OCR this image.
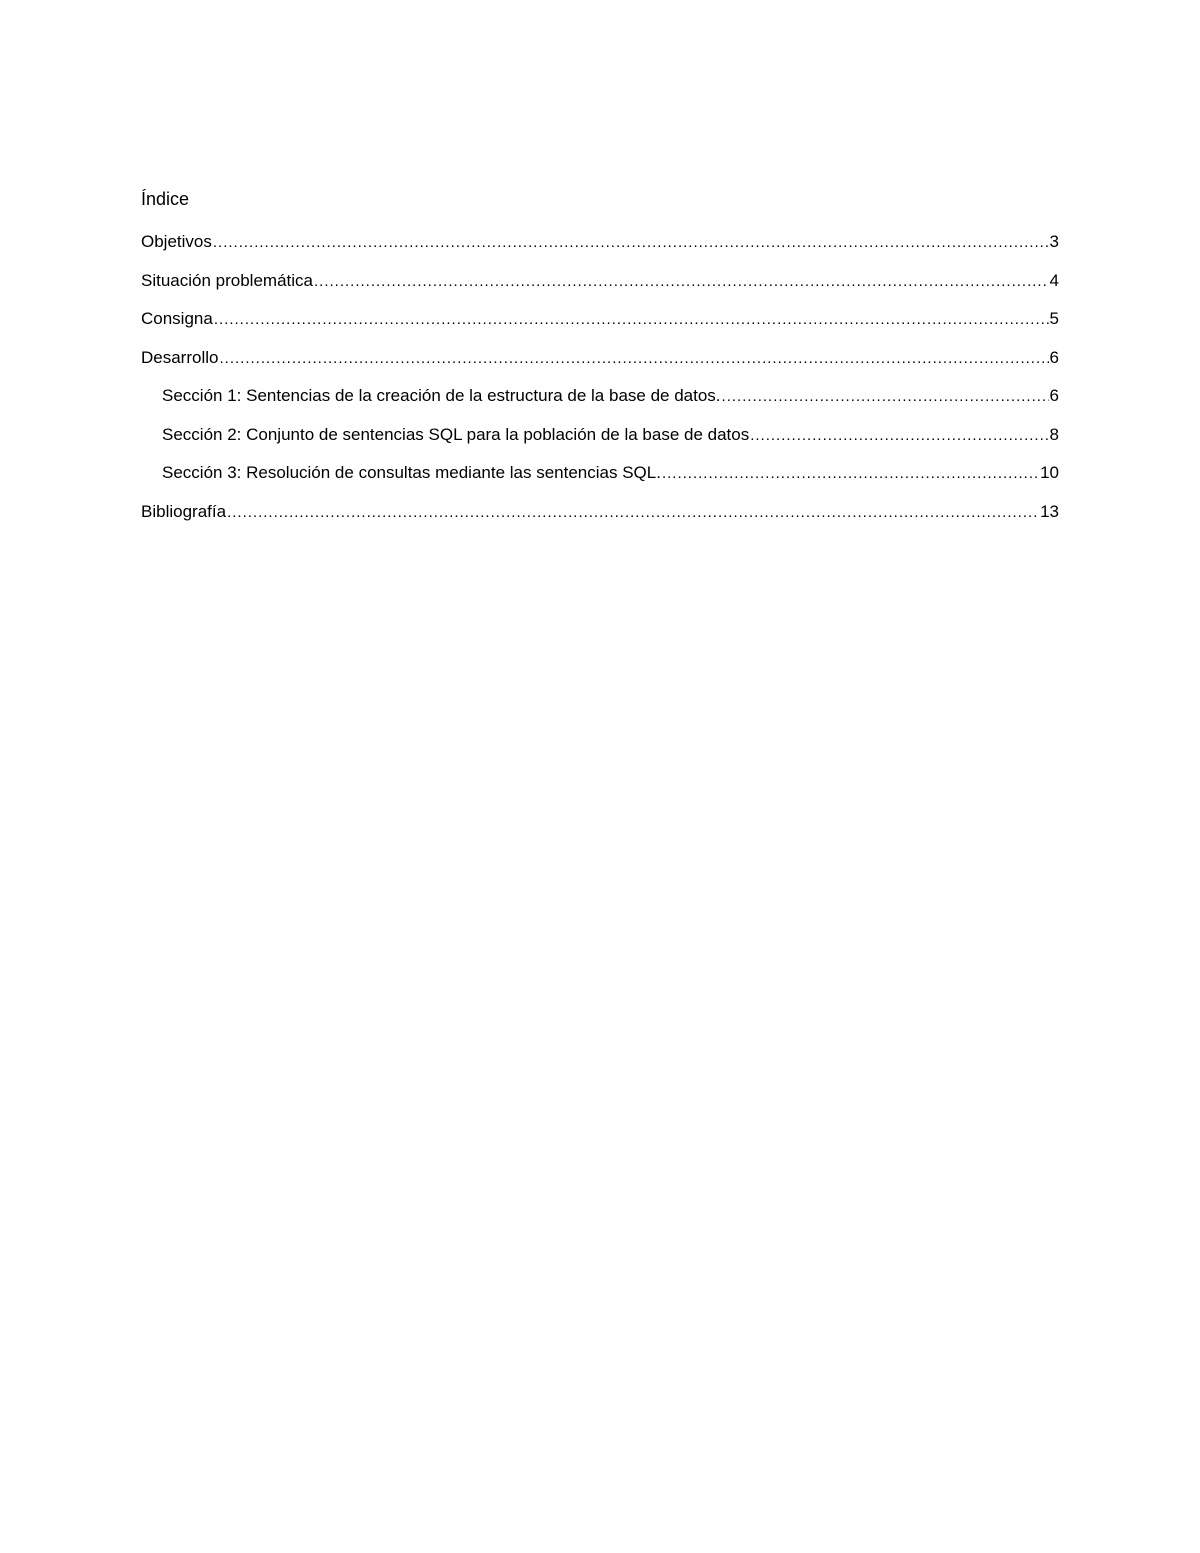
Índice
Objetivos .....	3
Situación problemática .....	4
Consigna .....	5
Desarrollo .....	6
Sección 1: Sentencias de la creación de la estructura de la base de datos. .....	6
Sección 2: Conjunto de sentencias SQL para la población de la base de datos .....	8
Sección 3: Resolución de consultas mediante las sentencias SQL. .....	10
Bibliografía .....	13
